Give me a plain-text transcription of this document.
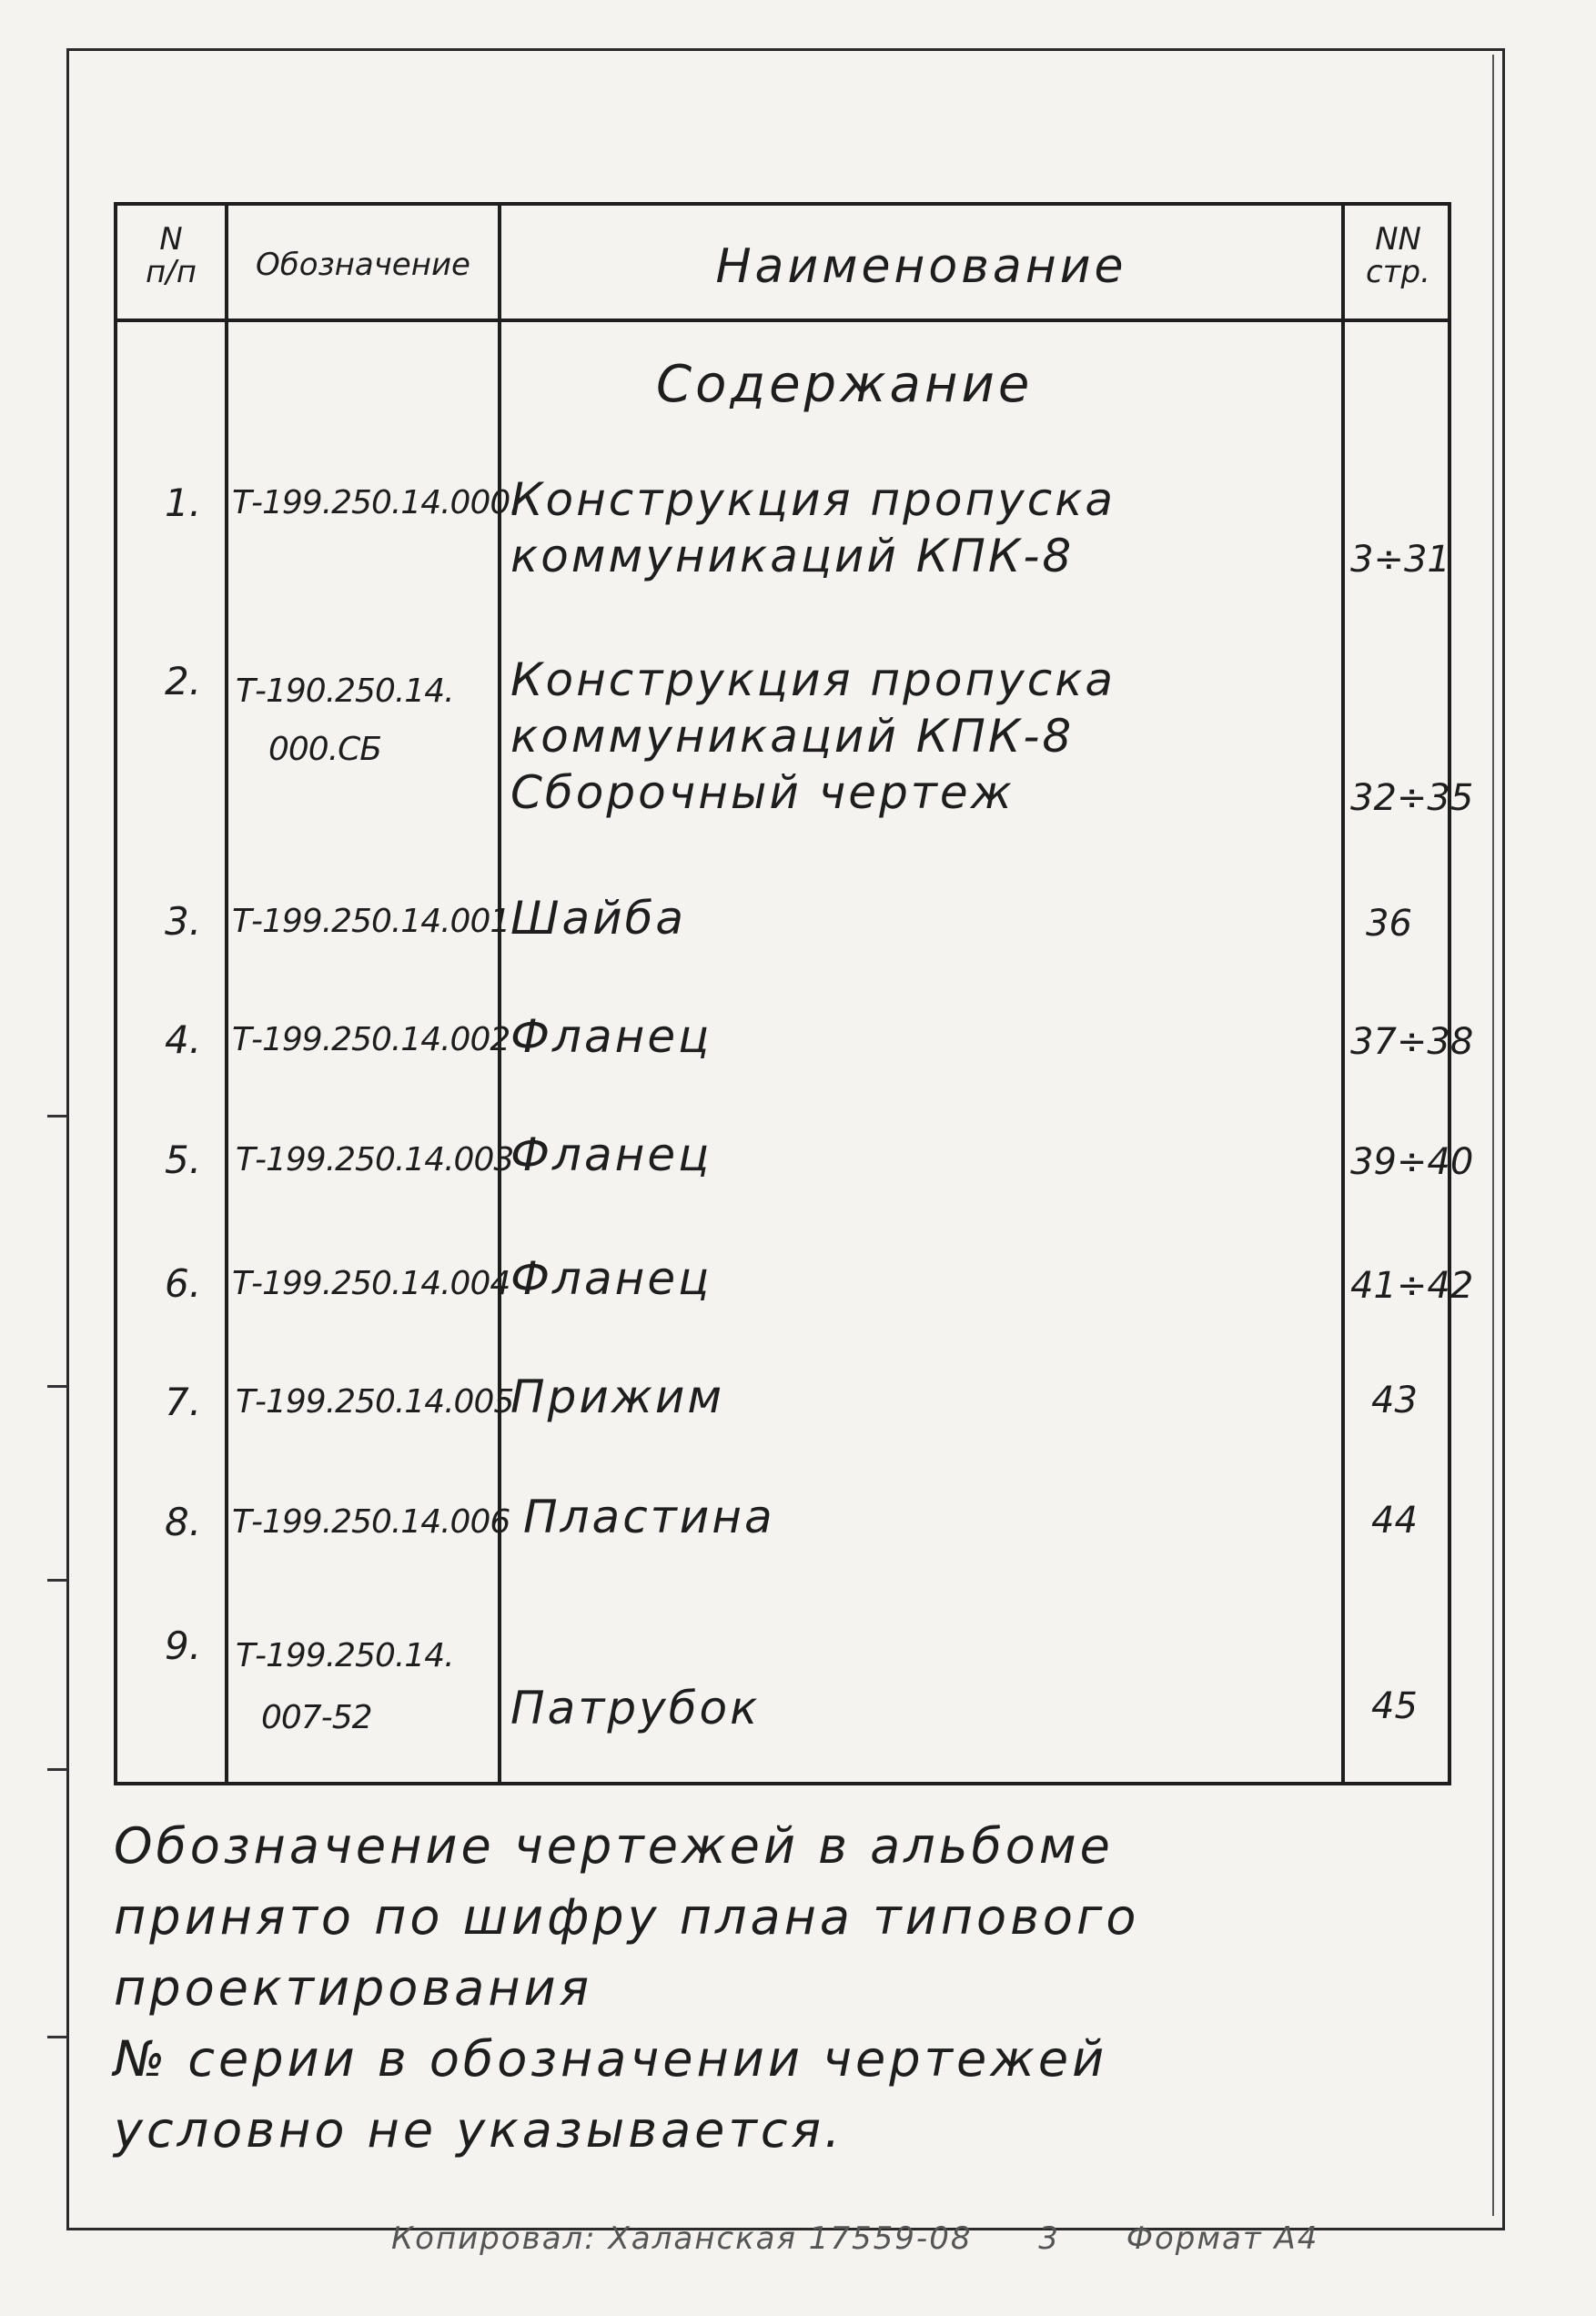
N
п/п	Обозначение	Наименование	NN
стр.
Содержание
1. Т-199.250.14.000.
Конструкция пропуска
коммуникаций КПК-8	3÷31
2. Т-190.250.14.
000.СБ
Конструкция пропуска
коммуникаций КПК-8
Сборочный чертеж	32÷35
3. Т-199.250.14.001 Шайба	36
4. Т-199.250.14.002 Фланец	37÷38
5. Т-199.250.14.003
Фланец	39÷40
6. Т-199.250.14.004 Фланец	41÷42
7. Т-199.250.14.005
Прижим	43
8. Т-199.250.14.006 Пластина	44
9. Т-199.250.14.
007-52	Патрубок	45
Обозначение чертежей в альбоме
принято по шифру плана типового
проектирования
№ серии в обозначении чертежей
условно не указывается.
Копировал: Халанская 17559-08 3 Формат А4
